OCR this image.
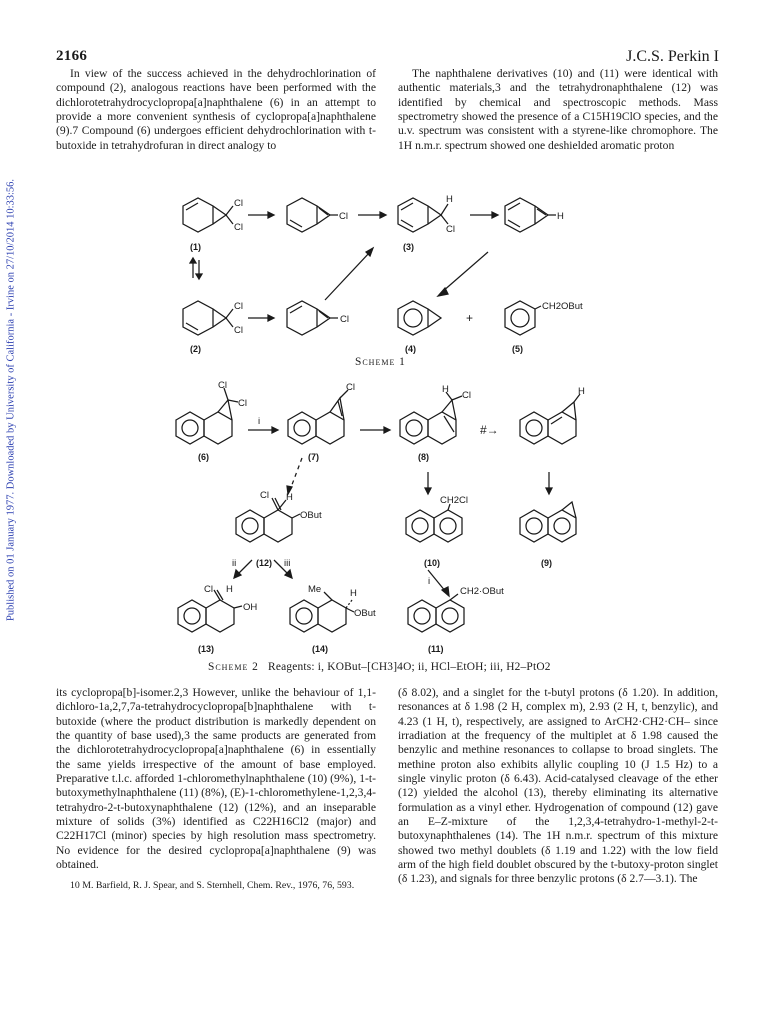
Published on 01 January 1977. Downloaded by University of California - Irvine on 27/10/2014 10:33:56.
2166	J.C.S. Perkin I

In view of the success achieved in the dehydrochlorination of compound (2), analogous reactions have been performed with the dichlorotetrahydrocyclopropa[a]naphthalene (6) in an attempt to provide a more convenient synthesis of cyclopropa[a]naphthalene (9).7 Compound (6) undergoes efficient dehydrochlorination with t-butoxide in tetrahydrofuran in direct analogy to

The naphthalene derivatives (10) and (11) were identical with authentic materials,3 and the tetrahydronaphthalene (12) was identified by chemical and spectroscopic methods. Mass spectrometry showed the presence of a C15H19ClO species, and the u.v. spectrum was consistent with a styrene-like chromophore. The 1H n.m.r. spectrum showed one deshielded aromatic proton

Cl
Cl
(1)
Cl
H
Cl
(3)
H
Cl
Cl
(2)
Cl
(4)
+
CH2OBut
(5)
Scheme 1
Cl
Cl
(6)
i
Cl
(7)
H
Cl
(8)
#→
H
Cl H
OBut
(12)
ii	iii
CH2Cl
(10)	(9)
i
Cl H
OH
(13)
Me	H
OBut
(14)
CH2·OBut
(11)
Scheme 2 Reagents: i, KOBut–[CH3]4O; ii, HCl–EtOH; iii, H2–PtO2

its cyclopropa[b]-isomer.2,3 However, unlike the behaviour of 1,1-dichloro-1a,2,7,7a-tetrahydrocyclopropa[b]naphthalene with t-butoxide (where the product distribution is markedly dependent on the quantity of base used),3 the same products are generated from the dichlorotetrahydrocyclopropa[a]naphthalene (6) in essentially the same yields irrespective of the amount of base employed. Preparative t.l.c. afforded 1-chloromethylnaphthalene (10) (9%), 1-t-butoxymethylnaphthalene (11) (8%), (E)-1-chloromethylene-1,2,3,4-tetrahydro-2-t-butoxynaphthalene (12) (12%), and an inseparable mixture of solids (3%) identified as C22H16Cl2 (major) and C22H17Cl (minor) species by high resolution mass spectrometry. No evidence for the desired cyclopropa[a]naphthalene (9) was obtained.

10 M. Barfield, R. J. Spear, and S. Sternhell, Chem. Rev., 1976, 76, 593.

(δ 8.02), and a singlet for the t-butyl protons (δ 1.20). In addition, resonances at δ 1.98 (2 H, complex m), 2.93 (2 H, t, benzylic), and 4.23 (1 H, t), respectively, are assigned to ArCH2·CH2·CH– since irradiation at the frequency of the multiplet at δ 1.98 caused the benzylic and methine resonances to collapse to broad singlets. The methine proton also exhibits allylic coupling 10 (J 1.5 Hz) to a single vinylic proton (δ 6.43). Acid-catalysed cleavage of the ether (12) yielded the alcohol (13), thereby eliminating its alternative formulation as a vinyl ether. Hydrogenation of compound (12) gave an E–Z-mixture of the 1,2,3,4-tetrahydro-1-methyl-2-t-butoxynaphthalenes (14). The 1H n.m.r. spectrum of this mixture showed two methyl doublets (δ 1.19 and 1.22) with the low field arm of the high field doublet obscured by the t-butoxy-proton singlet (δ 1.23), and signals for three benzylic protons (δ 2.7—3.1). The
